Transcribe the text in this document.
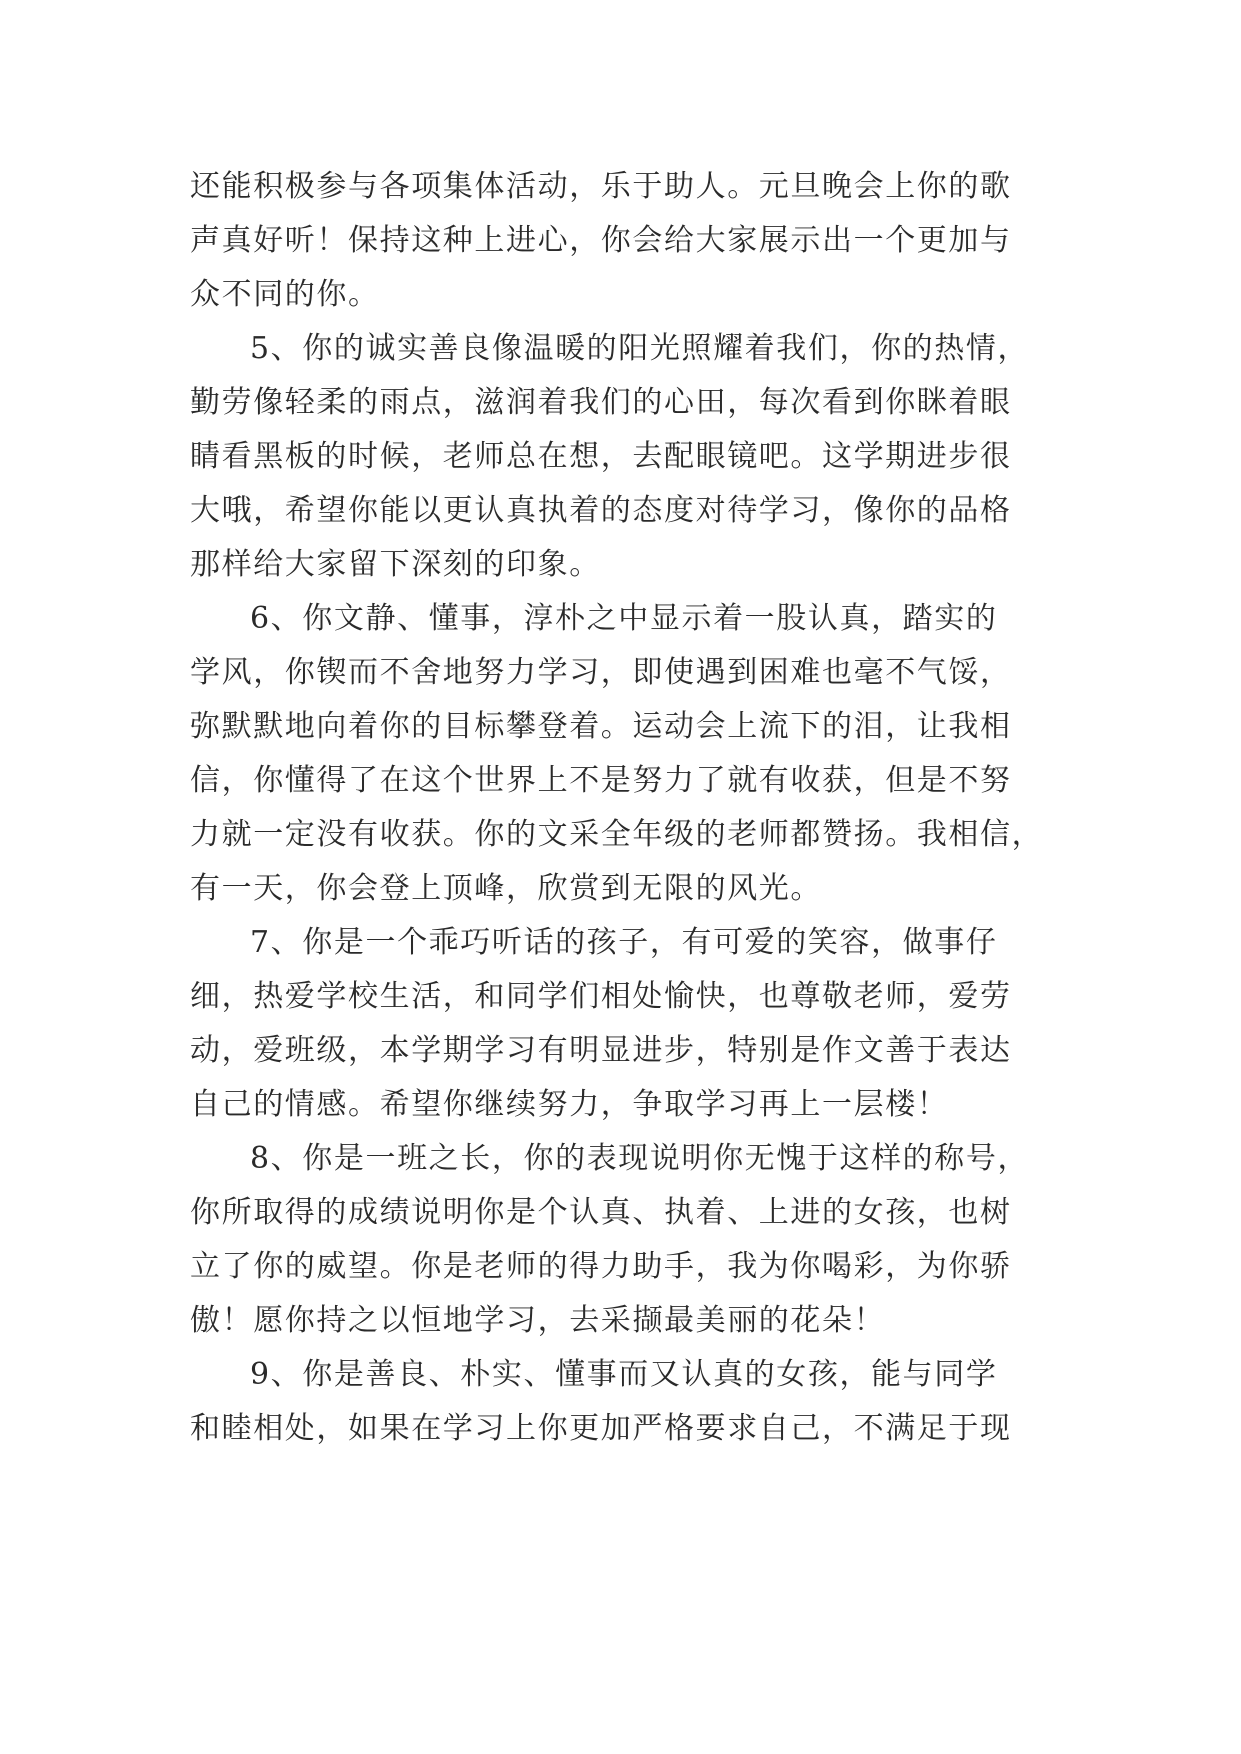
还能积极参与各项集体活动，乐于助人。元旦晚会上你的歌

声真好听！保持这种上进心，你会给大家展示出一个更加与

众不同的你。

5、你的诚实善良像温暖的阳光照耀着我们，你的热情，

勤劳像轻柔的雨点，滋润着我们的心田，每次看到你眯着眼

睛看黑板的时候，老师总在想，去配眼镜吧。这学期进步很

大哦，希望你能以更认真执着的态度对待学习，像你的品格

那样给大家留下深刻的印象。

6、你文静、懂事，淳朴之中显示着一股认真，踏实的

学风，你锲而不舍地努力学习，即使遇到困难也毫不气馁，

弥默默地向着你的目标攀登着。运动会上流下的泪，让我相

信，你懂得了在这个世界上不是努力了就有收获，但是不努

力就一定没有收获。你的文采全年级的老师都赞扬。我相信，

有一天，你会登上顶峰，欣赏到无限的风光。

7、你是一个乖巧听话的孩子，有可爱的笑容，做事仔

细，热爱学校生活，和同学们相处愉快，也尊敬老师，爱劳

动，爱班级，本学期学习有明显进步，特别是作文善于表达

自己的情感。希望你继续努力，争取学习再上一层楼！

8、你是一班之长，你的表现说明你无愧于这样的称号，

你所取得的成绩说明你是个认真、执着、上进的女孩，也树

立了你的威望。你是老师的得力助手，我为你喝彩，为你骄

傲！愿你持之以恒地学习，去采撷最美丽的花朵！

9、你是善良、朴实、懂事而又认真的女孩，能与同学

和睦相处，如果在学习上你更加严格要求自己，不满足于现
